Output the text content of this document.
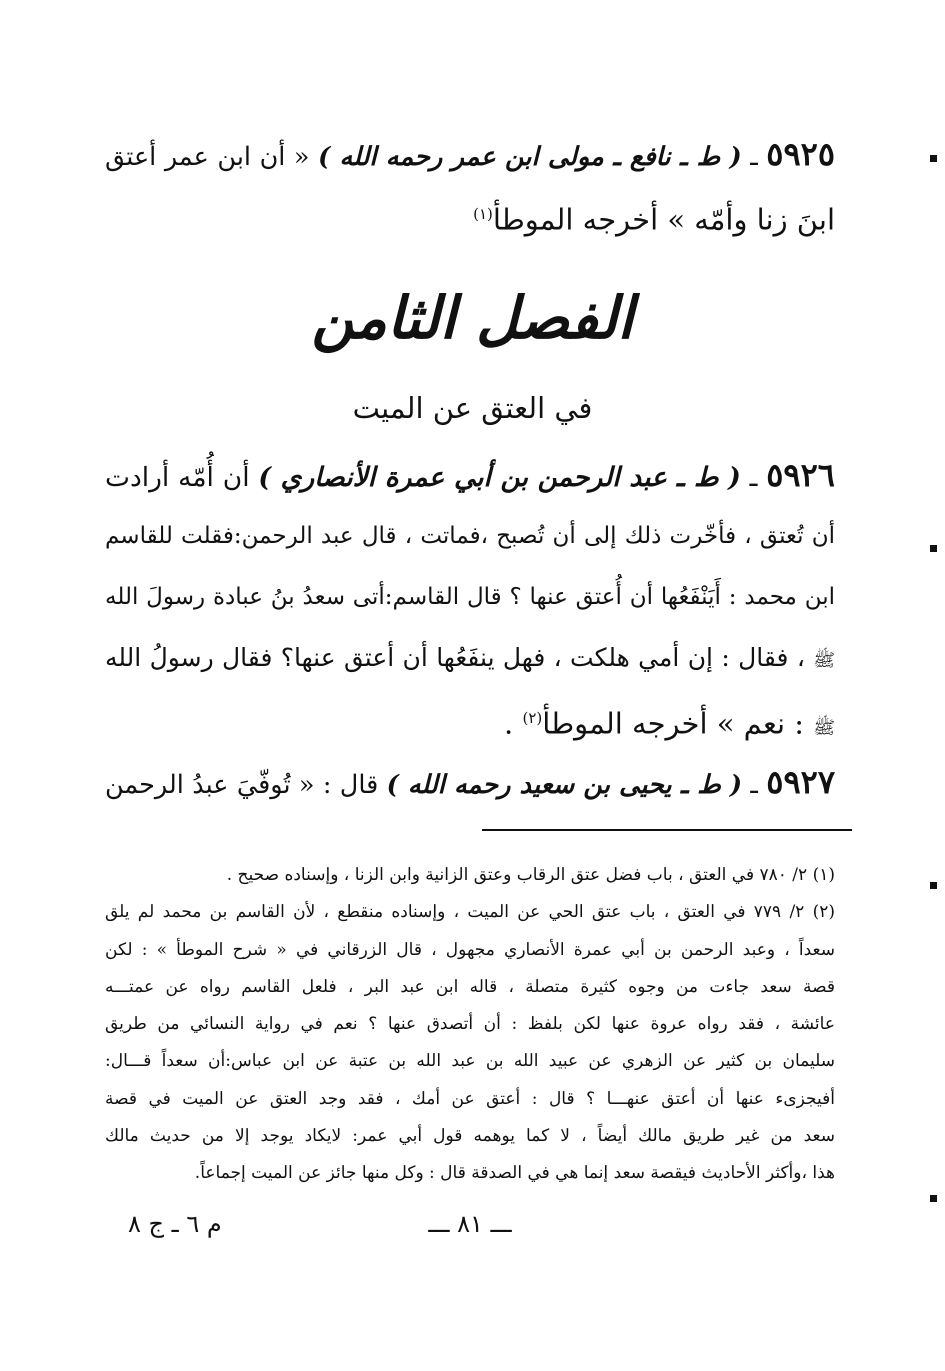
٥٩٢٥ ـ ( ط ـ نافع ـ مولى ابن عمر رحمه الله ) « أن ابن عمر أعتق
ابنَ زنا وأمّه » أخرجه الموطأ$^{(١)}$
الفصل الثامن
في العتق عن الميت
٥٩٢٦ ـ ( ط ـ عبد الرحمن بن أبي عمرة الأنصاري ) أن أُمّه أرادت
أن تُعتق ، فأخّرت ذلك إلى أن تُصبح ،فماتت ، قال عبد الرحمن:فقلت للقاسم
ابن محمد : أَيَنْفَعُها أن أُعتق عنها ؟ قال القاسم:أتى سعدُ بنُ عبادة رسولَ الله
ﷺ ، فقال : إن أمي هلكت ، فهل ينفَعُها أن أعتق عنها؟ فقال رسولُ الله
ﷺ : نعم » أخرجه الموطأ$^{(٢)}$ .
٥٩٢٧ ـ ( ط ـ يحيى بن سعيد رحمه الله ) قال : « تُوفّيَ عبدُ الرحمن
(١) ٢/ ٧٨٠ في العتق ، باب فضل عتق الرقاب وعتق الزانية وابن الزنا ، وإسناده صحيح .
(٢) ٢/ ٧٧٩ في العتق ، باب عتق الحي عن الميت ، وإسناده منقطع ، لأن القاسم بن محمد لم يلق
سعداً ، وعبد الرحمن بن أبي عمرة الأنصاري مجهول ، قال الزرقاني في « شرح الموطأ » : لكن
قصة سعد جاءت من وجوه كثيرة متصلة ، قاله ابن عبد البر ، فلعل القاسم رواه عن عمتـــه
عائشة ، فقد رواه عروة عنها لكن بلفظ : أن أتصدق عنها ؟ نعم في رواية النسائي من طريق
سليمان بن كثير عن الزهري عن عبيد الله بن عبد الله بن عتبة عن ابن عباس:أن سعداً قـــال:
أفيجزىء عنها أن أعتق عنهـــا ؟ قال : أعتق عن أمك ، فقد وجد العتق عن الميت في قصة
سعد من غير طريق مالك أيضاً ، لا كما يوهمه قول أبي عمر: لايكاد يوجد إلا من حديث مالك
هذا ،وأكثر الأحاديث فيقصة سعد إنما هي في الصدقة قال : وكل منها جائز عن الميت إجماعاً.
ـــ ٨١ ـــ
م ٦ ـ ج ٨
